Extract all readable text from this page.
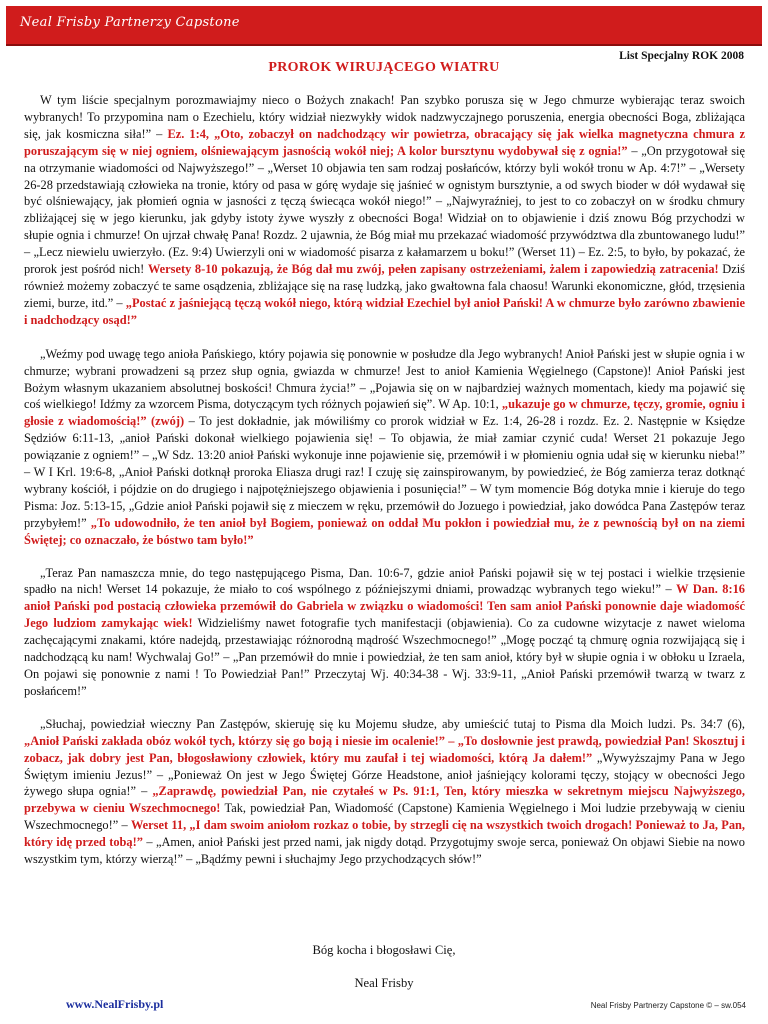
Neal Frisby Partnerzy Capstone
List Specjalny ROK 2008
PROROK WIRUJĄCEGO WIATRU

W tym liście specjalnym porozmawiajmy nieco o Bożych znakach! Pan szybko porusza się w Jego chmurze wybierając teraz swoich wybranych! To przypomina nam o Ezechielu, który widział niezwykły widok nadzwyczajnego poruszenia, energia obecności Boga, zbliżająca się, jak kosmiczna siła!” – Ez. 1:4, „Oto, zobaczył on nadchodzący wir powietrza, obracający się jak wielka magnetyczna chmura z poruszającym się w niej ogniem, olśniewającym jasnością wokół niej; A kolor bursztynu wydobywał się z ognia!” – „On przygotował się na otrzymanie wiadomości od Najwyższego!” – „Werset 10 objawia ten sam rodzaj posłańców, którzy byli wokół tronu w Ap. 4:7!” – „Wersety 26-28 przedstawiają człowieka na tronie, który od pasa w górę wydaje się jaśnieć w ognistym bursztynie, a od swych bioder w dół wydawał się być olśniewający, jak płomień ognia w jasności z tęczą świecąca wokół niego!” – „Najwyraźniej, to jest to co zobaczył on w środku chmury zbliżającej się w jego kierunku, jak gdyby istoty żywe wyszły z obecności Boga! Widział on to objawienie i dziś znowu Bóg przychodzi w słupie ognia i chmurze! On ujrzał chwałę Pana! Rozdz. 2 ujawnia, że Bóg miał mu przekazać wiadomość przywództwa dla zbuntowanego ludu!” – „Lecz niewielu uwierzyło. (Ez. 9:4) Uwierzyli oni w wiadomość pisarza z kałamarzem u boku!” (Werset 11) – Ez. 2:5, to było, by pokazać, że prorok jest pośród nich! Wersety 8-10 pokazują, że Bóg dał mu zwój, pełen zapisany ostrzeżeniami, żalem i zapowiedzią zatracenia! Dziś również możemy zobaczyć te same osądzenia, zbliżające się na rasę ludzką, jako gwałtowna fala chaosu! Warunki ekonomiczne, głód, trzęsienia ziemi, burze, itd.” – „Postać z jaśniejącą tęczą wokół niego, którą widział Ezechiel był anioł Pański! A w chmurze było zarówno zbawienie i nadchodzący osąd!”

„Weźmy pod uwagę tego anioła Pańskiego, który pojawia się ponownie w posłudze dla Jego wybranych! Anioł Pański jest w słupie ognia i w chmurze; wybrani prowadzeni są przez słup ognia, gwiazda w chmurze! Jest to anioł Kamienia Węgielnego (Capstone)! Anioł Pański jest Bożym własnym ukazaniem absolutnej boskości! Chmura życia!” – „Pojawia się on w najbardziej ważnych momentach, kiedy ma pojawić się coś wielkiego! Idźmy za wzorcem Pisma, dotyczącym tych różnych pojawień się”. W Ap. 10:1, „ukazuje go w chmurze, tęczy, gromie, ogniu i głosie z wiadomością!” (zwój) – To jest dokładnie, jak mówiliśmy co prorok widział w Ez. 1:4, 26-28 i rozdz. Ez. 2. Następnie w Księdze Sędziów 6:11-13, „anioł Pański dokonał wielkiego pojawienia się! – To objawia, że miał zamiar czynić cuda! Werset 21 pokazuje Jego powiązanie z ogniem!” – „W Sdz. 13:20 anioł Pański wykonuje inne pojawienie się, przemówił i w płomieniu ognia udał się w kierunku nieba!” – W I Krl. 19:6-8, „Anioł Pański dotknął proroka Eliasza drugi raz! I czuję się zainspirowanym, by powiedzieć, że Bóg zamierza teraz dotknąć wybrany kościół, i pójdzie on do drugiego i najpotężniejszego objawienia i posunięcia!” – W tym momencie Bóg dotyka mnie i kieruje do tego Pisma: Joz. 5:13-15, „Gdzie anioł Pański pojawił się z mieczem w ręku, przemówił do Jozuego i powiedział, jako dowódca Pana Zastępów teraz przybyłem!” „To udowodniło, że ten anioł był Bogiem, ponieważ on oddał Mu pokłon i powiedział mu, że z pewnością był on na ziemi Świętej; co oznaczało, że bóstwo tam było!”

„Teraz Pan namaszcza mnie, do tego następującego Pisma, Dan. 10:6-7, gdzie anioł Pański pojawił się w tej postaci i wielkie trzęsienie spadło na nich! Werset 14 pokazuje, że miało to coś wspólnego z późniejszymi dniami, prowadząc wybranych tego wieku!” – W Dan. 8:16 anioł Pański pod postacią człowieka przemówił do Gabriela w związku o wiadomości! Ten sam anioł Pański ponownie daje wiadomość Jego ludziom zamykając wiek! Widzieliśmy nawet fotografie tych manifestacji (objawienia). Co za cudowne wizytacje z nawet wieloma zachęcającymi znakami, które nadejdą, przestawiając różnorodną mądrość Wszechmocnego!” „Mogę począć tą chmurę ognia rozwijającą się i nadchodzącą ku nam! Wychwalaj Go!” – „Pan przemówił do mnie i powiedział, że ten sam anioł, który był w słupie ognia i w obłoku u Izraela, On pojawi się ponownie z nami ! To Powiedział Pan!” Przeczytaj Wj. 40:34-38 - Wj. 33:9-11, „Anioł Pański przemówił twarzą w twarz z posłańcem!”

„Słuchaj, powiedział wieczny Pan Zastępów, skieruję się ku Mojemu słudze, aby umieścić tutaj to Pisma dla Moich ludzi. Ps. 34:7 (6), „Anioł Pański zakłada obóz wokół tych, którzy się go boją i niesie im ocalenie!” – „To dosłownie jest prawdą, powiedział Pan! Skosztuj i zobacz, jak dobry jest Pan, błogosławiony człowiek, który mu zaufał i tej wiadomości, którą Ja dałem!” „Wywyższajmy Pana w Jego Świętym imieniu Jezus!” – „Ponieważ On jest w Jego Świętej Górze Headstone, anioł jaśniejący kolorami tęczy, stojący w obecności Jego żywego słupa ognia!” – „Zaprawdę, powiedział Pan, nie czytałeś w Ps. 91:1, Ten, który mieszka w sekretnym miejscu Najwyższego, przebywa w cieniu Wszechmocnego! Tak, powiedział Pan, Wiadomość (Capstone) Kamienia Węgielnego i Moi ludzie przebywają w cieniu Wszechmocnego!” – Werset 11, „I dam swoim aniołom rozkaz o tobie, by strzegli cię na wszystkich twoich drogach! Ponieważ to Ja, Pan, który idę przed tobą!” – „Amen, anioł Pański jest przed nami, jak nigdy dotąd. Przygotujmy swoje serca, ponieważ On objawi Siebie na nowo wszystkim tym, którzy wierzą!” – „Bądźmy pewni i słuchajmy Jego przychodzących słów!”

Bóg kocha i błogosławi Cię,
Neal Frisby
www.NealFrisby.pl	Neal Frisby Partnerzy Capstone © – sw.054
